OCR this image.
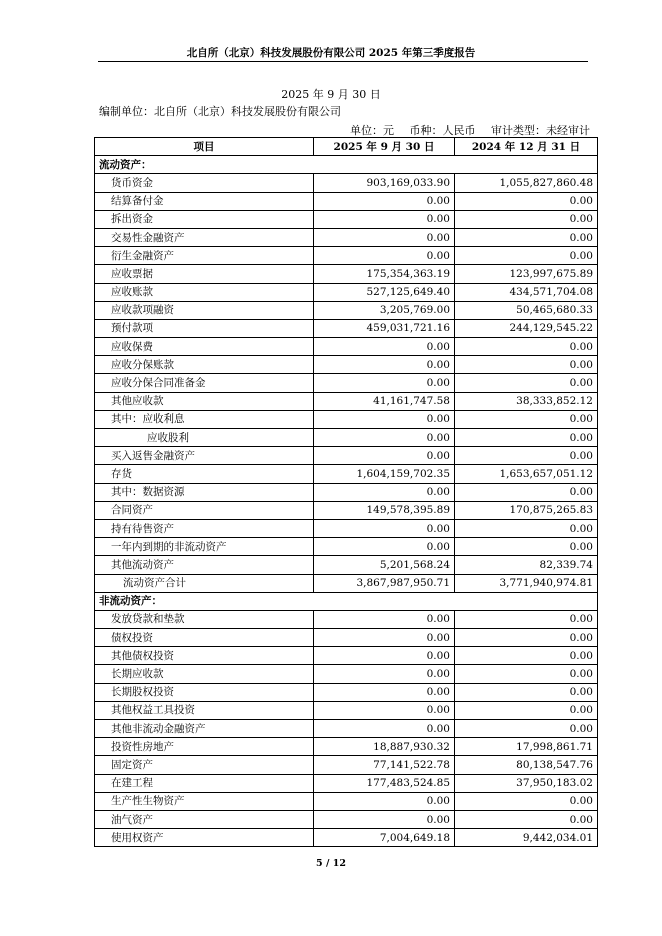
北自所（北京）科技发展股份有限公司 2025 年第三季度报告
2025 年 9 月 30 日
编制单位：北自所（北京）科技发展股份有限公司
单位：元 币种：人民币 审计类型：未经审计
项目	2025 年 9 月 30 日	2024 年 12 月 31 日
流动资产：		
货币资金	903,169,033.90	1,055,827,860.48
结算备付金	0.00	0.00
拆出资金	0.00	0.00
交易性金融资产	0.00	0.00
衍生金融资产	0.00	0.00
应收票据	175,354,363.19	123,997,675.89
应收账款	527,125,649.40	434,571,704.08
应收款项融资	3,205,769.00	50,465,680.33
预付款项	459,031,721.16	244,129,545.22
应收保费	0.00	0.00
应收分保账款	0.00	0.00
应收分保合同准备金	0.00	0.00
其他应收款	41,161,747.58	38,333,852.12
其中：应收利息	0.00	0.00
应收股利	0.00	0.00
买入返售金融资产	0.00	0.00
存货	1,604,159,702.35	1,653,657,051.12
其中：数据资源	0.00	0.00
合同资产	149,578,395.89	170,875,265.83
持有待售资产	0.00	0.00
一年内到期的非流动资产	0.00	0.00
其他流动资产	5,201,568.24	82,339.74
流动资产合计	3,867,987,950.71	3,771,940,974.81
非流动资产：		
发放贷款和垫款	0.00	0.00
债权投资	0.00	0.00
其他债权投资	0.00	0.00
长期应收款	0.00	0.00
长期股权投资	0.00	0.00
其他权益工具投资	0.00	0.00
其他非流动金融资产	0.00	0.00
投资性房地产	18,887,930.32	17,998,861.71
固定资产	77,141,522.78	80,138,547.76
在建工程	177,483,524.85	37,950,183.02
生产性生物资产	0.00	0.00
油气资产	0.00	0.00
使用权资产	7,004,649.18	9,442,034.01
5 / 12
